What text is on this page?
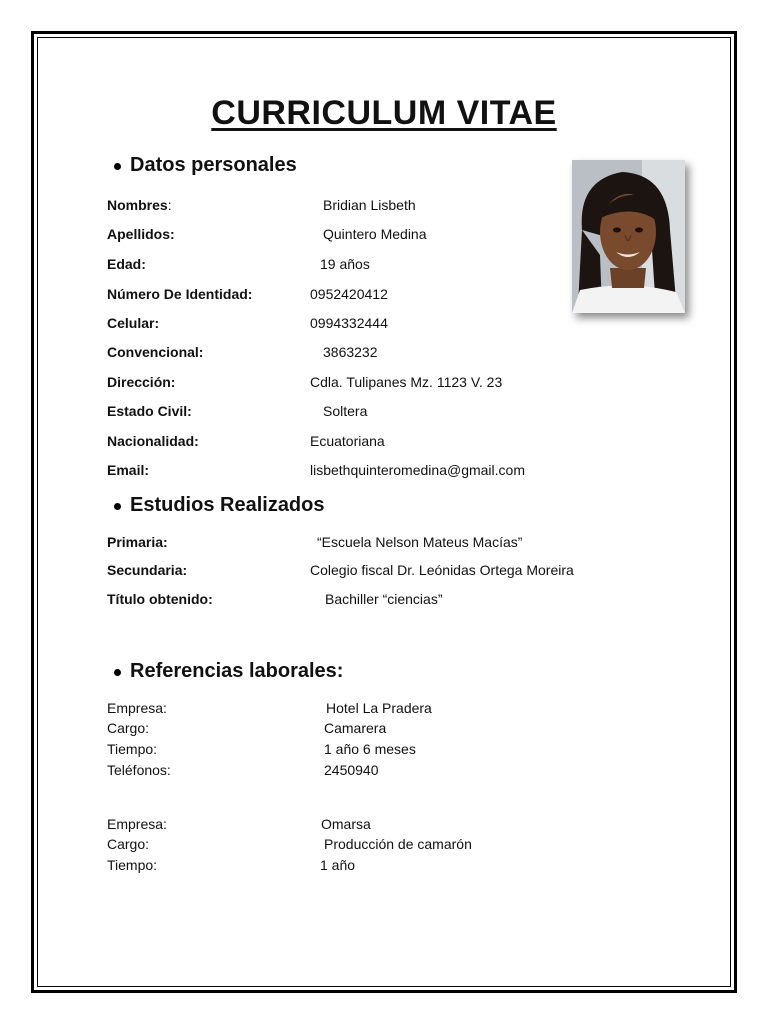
CURRICULUM VITAE
Datos personales
Nombres:	Bridian Lisbeth
Apellidos:	Quintero Medina
Edad:	19 años
Número De Identidad:	0952420412
Celular:	0994332444
Convencional:	3863232
Dirección:	Cdla. Tulipanes Mz. 1123 V. 23
Estado Civil:	Soltera
Nacionalidad:	Ecuatoriana
Email:	lisbethquinteromedina@gmail.com
Estudios Realizados
Primaria:	“Escuela Nelson Mateus Macías”
Secundaria:	Colegio fiscal Dr. Leónidas Ortega Moreira
Título obtenido:	Bachiller “ciencias”
Referencias laborales:
Empresa:	Hotel La Pradera
Cargo:	Camarera
Tiempo:	1 año 6 meses
Teléfonos:	2450940
Empresa:	Omarsa
Cargo:	Producción de camarón
Tiempo:	1 año
